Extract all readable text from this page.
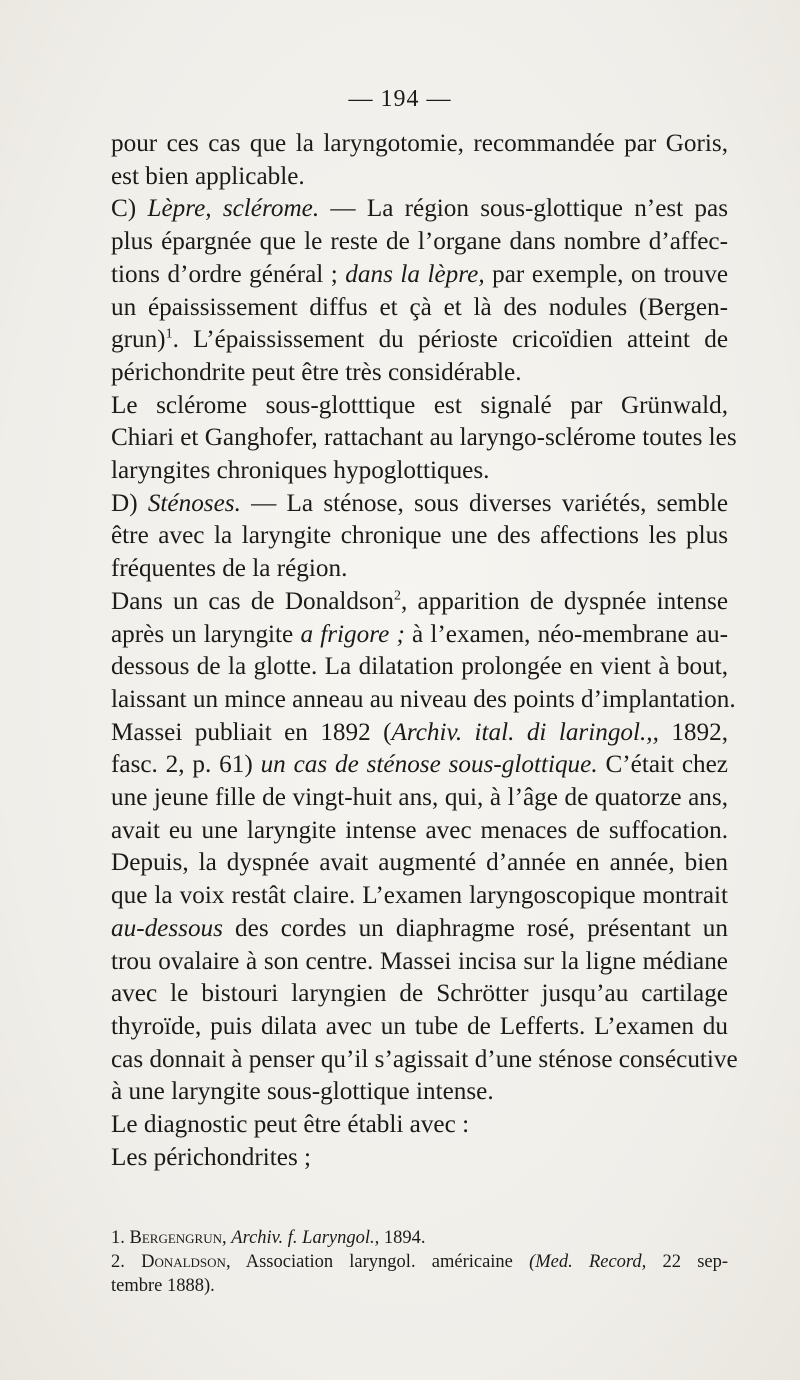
— 194 —
pour ces cas que la laryngotomie, recommandée par Goris,
est bien applicable.
C) Lèpre, sclérome. — La région sous-glottique n’est pas
plus épargnée que le reste de l’organe dans nombre d’affec-
tions d’ordre général ; dans la lèpre, par exemple, on trouve
un épaississement diffus et çà et là des nodules (Bergen-
grun)$^1$. L’épaississement du périoste cricoïdien atteint de
périchondrite peut être très considérable.
Le sclérome sous-glotttique est signalé par Grünwald,
Chiari et Ganghofer, rattachant au laryngo-sclérome toutes les
laryngites chroniques hypoglottiques.
D) Sténoses. — La sténose, sous diverses variétés, semble
être avec la laryngite chronique une des affections les plus
fréquentes de la région.
Dans un cas de Donaldson$^2$, apparition de dyspnée intense
après un laryngite a frigore ; à l’examen, néo-membrane au-
dessous de la glotte. La dilatation prolongée en vient à bout,
laissant un mince anneau au niveau des points d’implantation.
Massei publiait en 1892 (Archiv. ital. di laringol.,, 1892,
fasc. 2, p. 61) un cas de sténose sous-glottique. C’était chez
une jeune fille de vingt-huit ans, qui, à l’âge de quatorze ans,
avait eu une laryngite intense avec menaces de suffocation.
Depuis, la dyspnée avait augmenté d’année en année, bien
que la voix restât claire. L’examen laryngoscopique montrait
au-dessous des cordes un diaphragme rosé, présentant un
trou ovalaire à son centre. Massei incisa sur la ligne médiane
avec le bistouri laryngien de Schrötter jusqu’au cartilage
thyroïde, puis dilata avec un tube de Lefferts. L’examen du
cas donnait à penser qu’il s’agissait d’une sténose consécutive
à une laryngite sous-glottique intense.
Le diagnostic peut être établi avec :
Les périchondrites ;
1. Bergengrun, Archiv. f. Laryngol., 1894.
2. Donaldson, Association laryngol. américaine (Med. Record, 22 sep-
tembre 1888).
